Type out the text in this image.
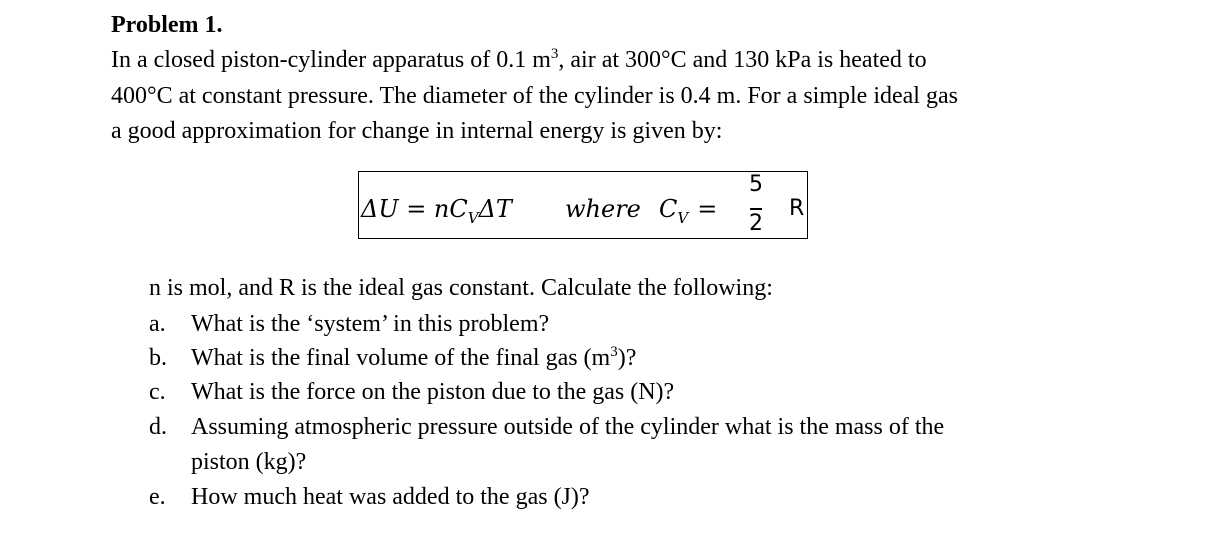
Problem 1.
In a closed piston-cylinder apparatus of 0.1 $m^3$, air at 300°C and 130 kPa is heated to
400°C at constant pressure. The diameter of the cylinder is 0.4 m. For a simple ideal gas
a good approximation for change in internal energy is given by:
$\Delta U = nC_V\Delta T$ where $C_V$ =
5
2
R
n is mol, and R is the ideal gas constant. Calculate the following:
a. What is the ‘system’ in this problem?
b. What is the final volume of the final gas $(m^3)$?
c. What is the force on the piston due to the gas (N)?
d. Assuming atmospheric pressure outside of the cylinder what is the mass of the
piston (kg)?
e. How much heat was added to the gas (J)?
